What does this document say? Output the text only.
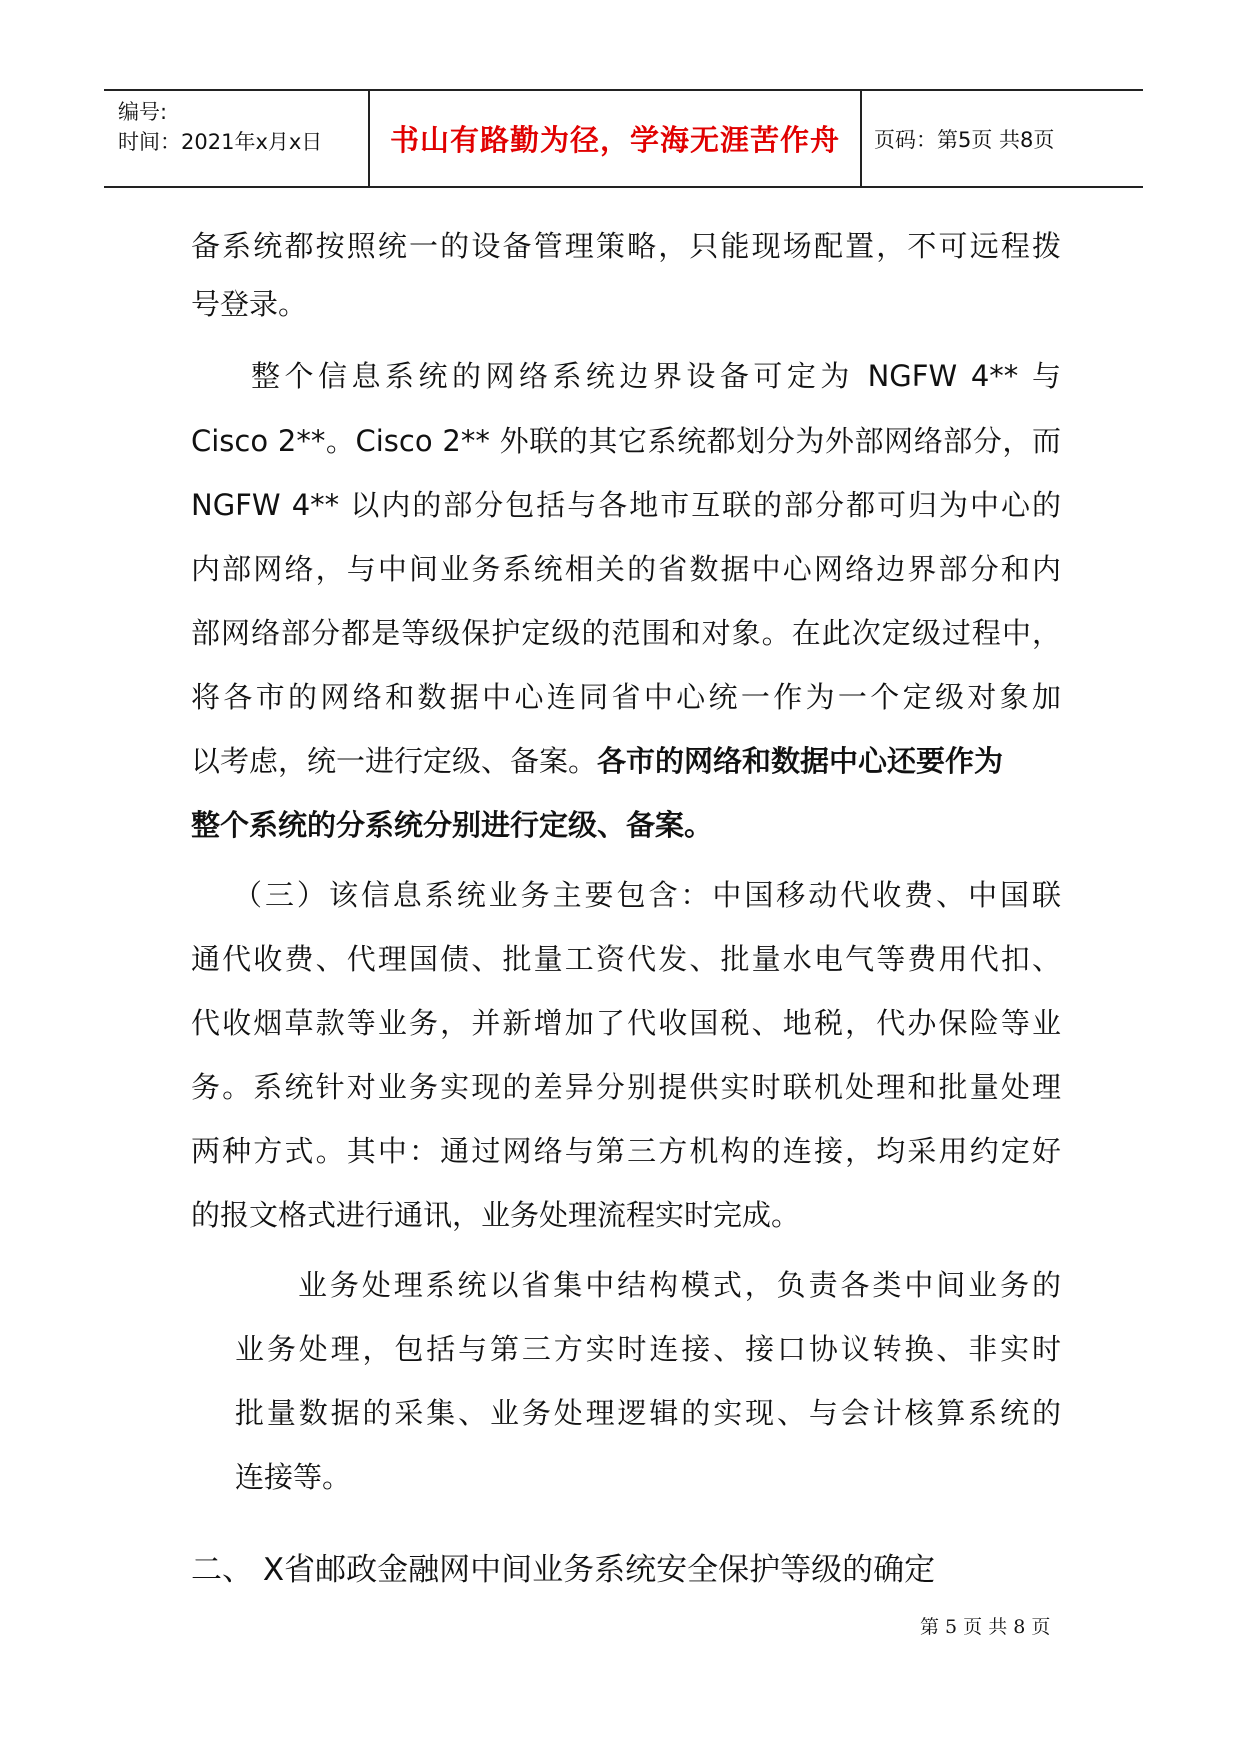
编号:
时间：2021年x月x日	书山有路勤为径，学海无涯苦作舟	页码：第5页 共8页
备系统都按照统一的设备管理策略，只能现场配置，不可远程拨
号登录。
整个信息系统的网络系统边界设备可定为 NGFW 4** 与
Cisco 2**。Cisco 2** 外联的其它系统都划分为外部网络部分，而
NGFW 4** 以内的部分包括与各地市互联的部分都可归为中心的
内部网络，与中间业务系统相关的省数据中心网络边界部分和内
部网络部分都是等级保护定级的范围和对象。在此次定级过程中，
将各市的网络和数据中心连同省中心统一作为一个定级对象加
以考虑，统一进行定级、备案。各市的网络和数据中心还要作为
整个系统的分系统分别进行定级、备案。
（三）该信息系统业务主要包含：中国移动代收费、中国联
通代收费、代理国债、批量工资代发、批量水电气等费用代扣、
代收烟草款等业务，并新增加了代收国税、地税，代办保险等业
务。系统针对业务实现的差异分别提供实时联机处理和批量处理
两种方式。其中：通过网络与第三方机构的连接，均采用约定好
的报文格式进行通讯，业务处理流程实时完成。
业务处理系统以省集中结构模式，负责各类中间业务的
业务处理，包括与第三方实时连接、接口协议转换、非实时
批量数据的采集、业务处理逻辑的实现、与会计核算系统的
连接等。
二、 X省邮政金融网中间业务系统安全保护等级的确定
第 5 页 共 8 页
